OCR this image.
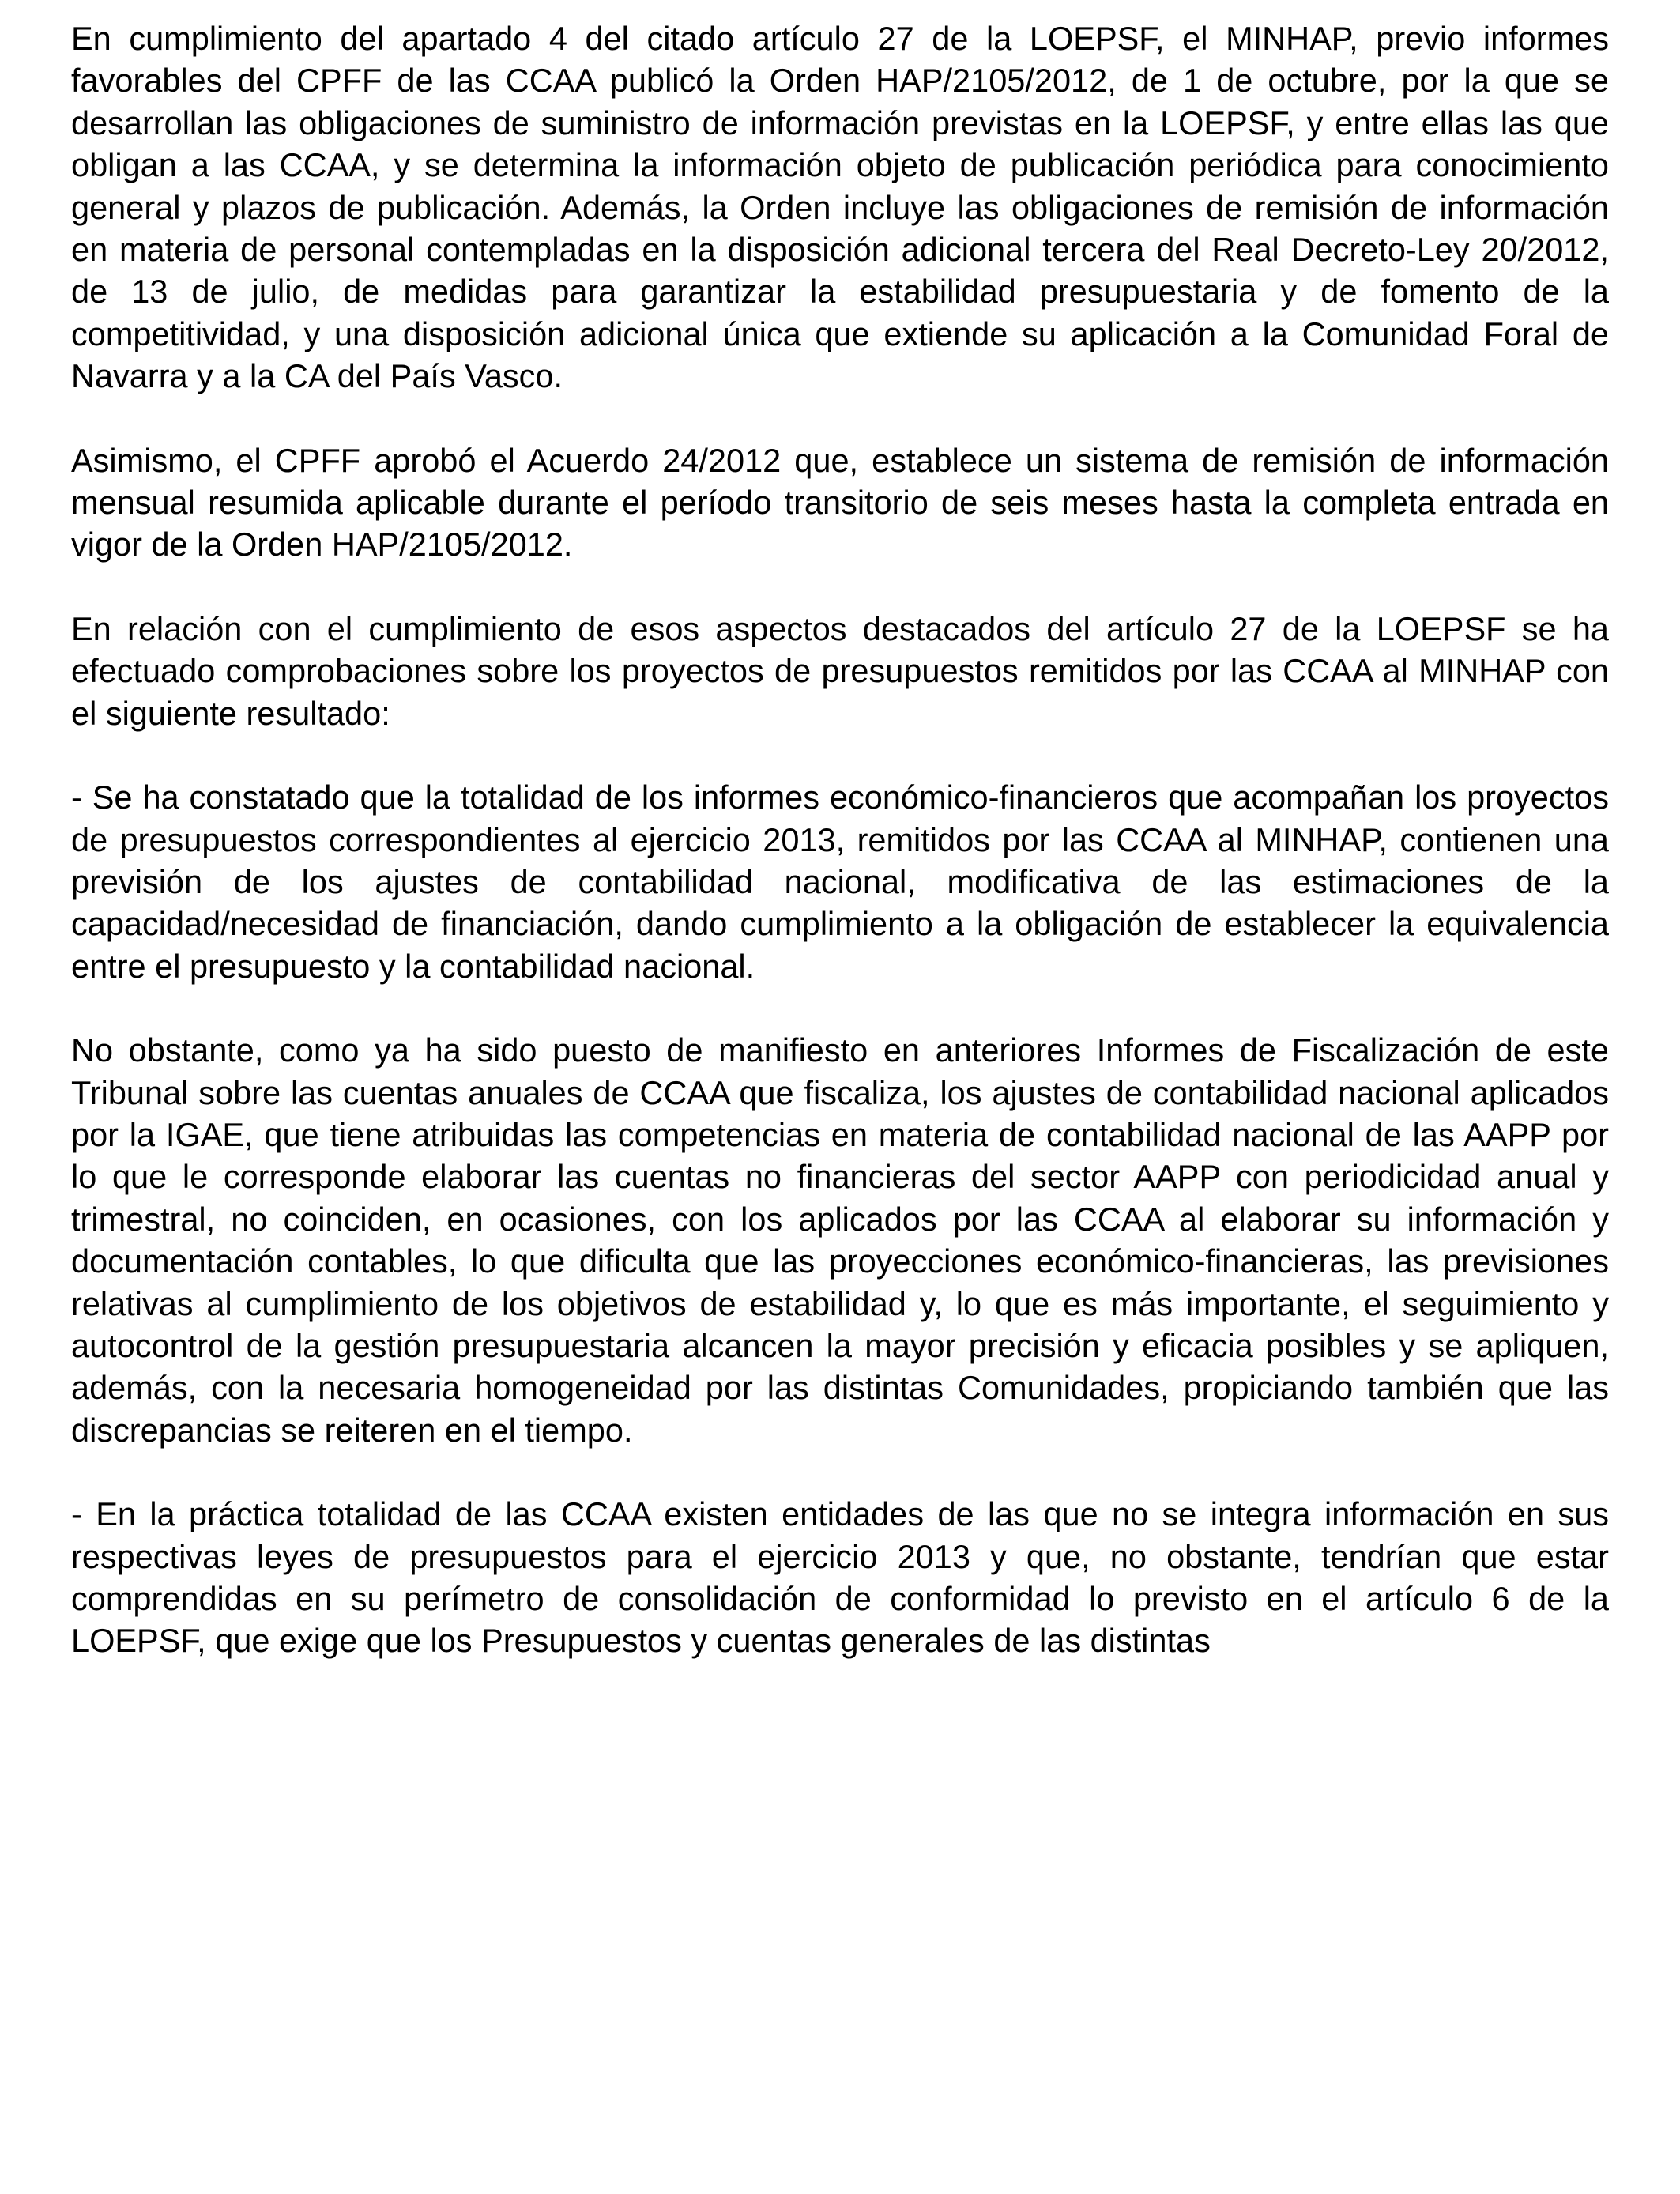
En cumplimiento del apartado 4 del citado artículo 27 de la LOEPSF, el MINHAP, previo informes favorables del CPFF de las CCAA publicó la Orden HAP/2105/2012, de 1 de octubre, por la que se desarrollan las obligaciones de suministro de información previstas en la LOEPSF, y entre ellas las que obligan a las CCAA, y se determina la información objeto de publicación periódica para conocimiento general y plazos de publicación. Además, la Orden incluye las obligaciones de remisión de información en materia de personal contempladas en la disposición adicional tercera del Real Decreto-Ley 20/2012, de 13 de julio, de medidas para garantizar la estabilidad presupuestaria y de fomento de la competitividad, y una disposición adicional única que extiende su aplicación a la Comunidad Foral de Navarra y a la CA del País Vasco.

Asimismo, el CPFF aprobó el Acuerdo 24/2012 que, establece un sistema de remisión de información mensual resumida aplicable durante el período transitorio de seis meses hasta la completa entrada en vigor de la Orden HAP/2105/2012.

En relación con el cumplimiento de esos aspectos destacados del artículo 27 de la LOEPSF se ha efectuado comprobaciones sobre los proyectos de presupuestos remitidos por las CCAA al MINHAP con el siguiente resultado:

- Se ha constatado que la totalidad de los informes económico-financieros que acompañan los proyectos de presupuestos correspondientes al ejercicio 2013, remitidos por las CCAA al MINHAP, contienen una previsión de los ajustes de contabilidad nacional, modificativa de las estimaciones de la capacidad/necesidad de financiación, dando cumplimiento a la obligación de establecer la equivalencia entre el presupuesto y la contabilidad nacional.

No obstante, como ya ha sido puesto de manifiesto en anteriores Informes de Fiscalización de este Tribunal sobre las cuentas anuales de CCAA que fiscaliza, los ajustes de contabilidad nacional aplicados por la IGAE, que tiene atribuidas las competencias en materia de contabilidad nacional de las AAPP por lo que le corresponde elaborar las cuentas no financieras del sector AAPP con periodicidad anual y trimestral, no coinciden, en ocasiones, con los aplicados por las CCAA al elaborar su información y documentación contables, lo que dificulta que las proyecciones económico-financieras, las previsiones relativas al cumplimiento de los objetivos de estabilidad y, lo que es más importante, el seguimiento y autocontrol de la gestión presupuestaria alcancen la mayor precisión y eficacia posibles y se apliquen, además, con la necesaria homogeneidad por las distintas Comunidades, propiciando también que las discrepancias se reiteren en el tiempo.

- En la práctica totalidad de las CCAA existen entidades de las que no se integra información en sus respectivas leyes de presupuestos para el ejercicio 2013 y que, no obstante, tendrían que estar comprendidas en su perímetro de consolidación de conformidad lo previsto en el artículo 6 de la LOEPSF, que exige que los Presupuestos y cuentas generales de las distintas
